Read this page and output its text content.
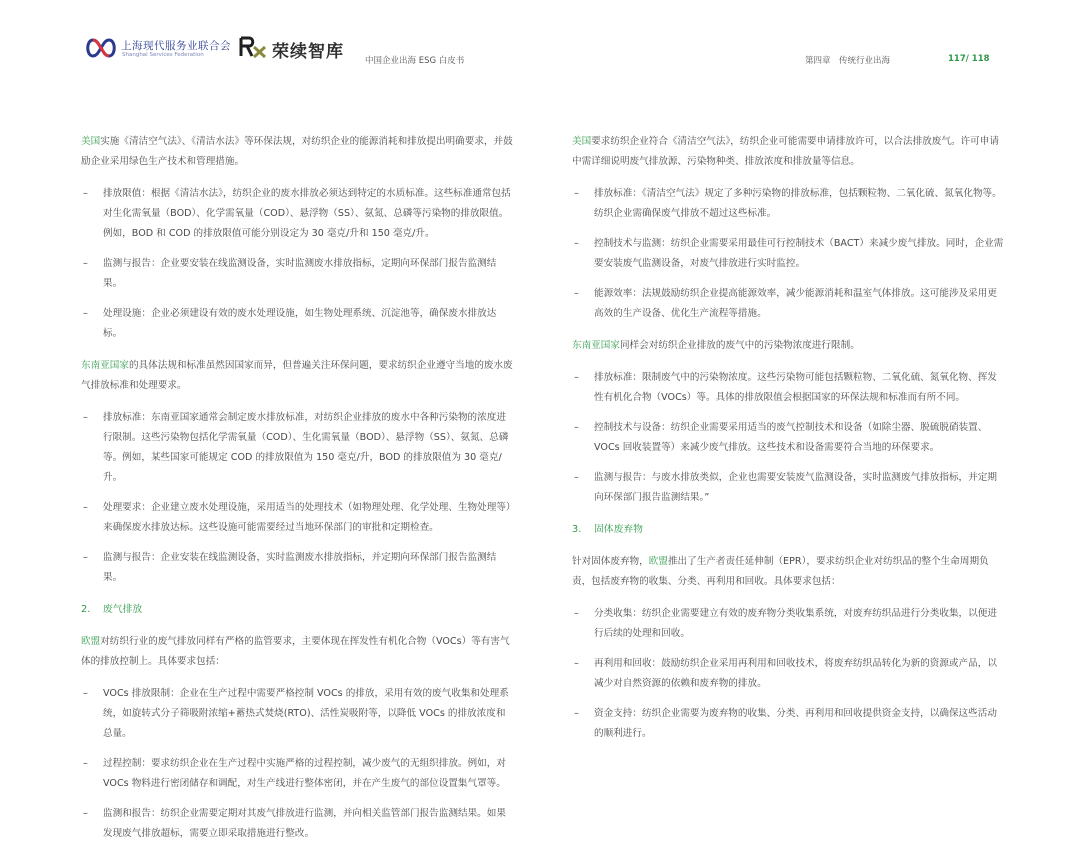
上海现代服务业联合会
Shanghai Services Federation	荣续智库 中国企业出海 ESG 白皮书	第四章　传统行业出海	117/ 118

美国实施《清洁空气法》、《清洁水法》等环保法规，对纺织企业的能源消耗和排放提出明确要求，并鼓励企业采用绿色生产技术和管理措施。

– 排放限值：根据《清洁水法》，纺织企业的废水排放必须达到特定的水质标准。这些标准通常包括对生化需氧量（BOD）、化学需氧量（COD）、悬浮物（SS）、氨氮、总磷等污染物的排放限值。例如，BOD 和 COD 的排放限值可能分别设定为 30 毫克/升和 150 毫克/升。
– 监测与报告：企业要安装在线监测设备，实时监测废水排放指标，定期向环保部门报告监测结果。
– 处理设施：企业必须建设有效的废水处理设施，如生物处理系统、沉淀池等，确保废水排放达标。

东南亚国家的具体法规和标准虽然因国家而异，但普遍关注环保问题，要求纺织企业遵守当地的废水废气排放标准和处理要求。

– 排放标准：东南亚国家通常会制定废水排放标准，对纺织企业排放的废水中各种污染物的浓度进行限制。这些污染物包括化学需氧量（COD）、生化需氧量（BOD）、悬浮物（SS）、氨氮、总磷等。例如，某些国家可能规定 COD 的排放限值为 150 毫克/升，BOD 的排放限值为 30 毫克/升。
– 处理要求：企业建立废水处理设施，采用适当的处理技术（如物理处理、化学处理、生物处理等）来确保废水排放达标。这些设施可能需要经过当地环保部门的审批和定期检查。
– 监测与报告：企业安装在线监测设备，实时监测废水排放指标，并定期向环保部门报告监测结果。
2. 废气排放

欧盟对纺织行业的废气排放同样有严格的监管要求，主要体现在挥发性有机化合物（VOCs）等有害气体的排放控制上。具体要求包括：

– VOCs 排放限制：企业在生产过程中需要严格控制 VOCs 的排放，采用有效的废气收集和处理系统，如旋转式分子筛吸附浓缩+蓄热式焚烧(RTO)、活性炭吸附等，以降低 VOCs 的排放浓度和总量。
– 过程控制：要求纺织企业在生产过程中实施严格的过程控制，减少废气的无组织排放。例如，对VOCs 物料进行密闭储存和调配，对生产线进行整体密闭，并在产生废气的部位设置集气罩等。
– 监测和报告：纺织企业需要定期对其废气排放进行监测，并向相关监管部门报告监测结果。如果发现废气排放超标，需要立即采取措施进行整改。

美国要求纺织企业符合《清洁空气法》，纺织企业可能需要申请排放许可，以合法排放废气。许可申请中需详细说明废气排放源、污染物种类、排放浓度和排放量等信息。

– 排放标准：《清洁空气法》规定了多种污染物的排放标准，包括颗粒物、二氧化硫、氮氧化物等。纺织企业需确保废气排放不超过这些标准。
– 控制技术与监测：纺织企业需要采用最佳可行控制技术（BACT）来减少废气排放。同时，企业需要安装废气监测设备，对废气排放进行实时监控。
– 能源效率：法规鼓励纺织企业提高能源效率，减少能源消耗和温室气体排放。这可能涉及采用更高效的生产设备、优化生产流程等措施。

东南亚国家同样会对纺织企业排放的废气中的污染物浓度进行限制。

– 排放标准：限制废气中的污染物浓度。这些污染物可能包括颗粒物、二氧化硫、氮氧化物、挥发性有机化合物（VOCs）等。具体的排放限值会根据国家的环保法规和标准而有所不同。
– 控制技术与设备：纺织企业需要采用适当的废气控制技术和设备（如除尘器、脱硫脱硝装置、VOCs 回收装置等）来减少废气排放。这些技术和设备需要符合当地的环保要求。
– 监测与报告：与废水排放类似，企业也需要安装废气监测设备，实时监测废气排放指标，并定期向环保部门报告监测结果。”
3. 固体废弃物

针对固体废弃物，欧盟推出了生产者责任延伸制（EPR），要求纺织企业对纺织品的整个生命周期负责，包括废弃物的收集、分类、再利用和回收。具体要求包括：

– 分类收集：纺织企业需要建立有效的废弃物分类收集系统，对废弃纺织品进行分类收集，以便进行后续的处理和回收。
– 再利用和回收：鼓励纺织企业采用再利用和回收技术，将废弃纺织品转化为新的资源或产品，以减少对自然资源的依赖和废弃物的排放。
– 资金支持：纺织企业需要为废弃物的收集、分类、再利用和回收提供资金支持，以确保这些活动的顺利进行。
